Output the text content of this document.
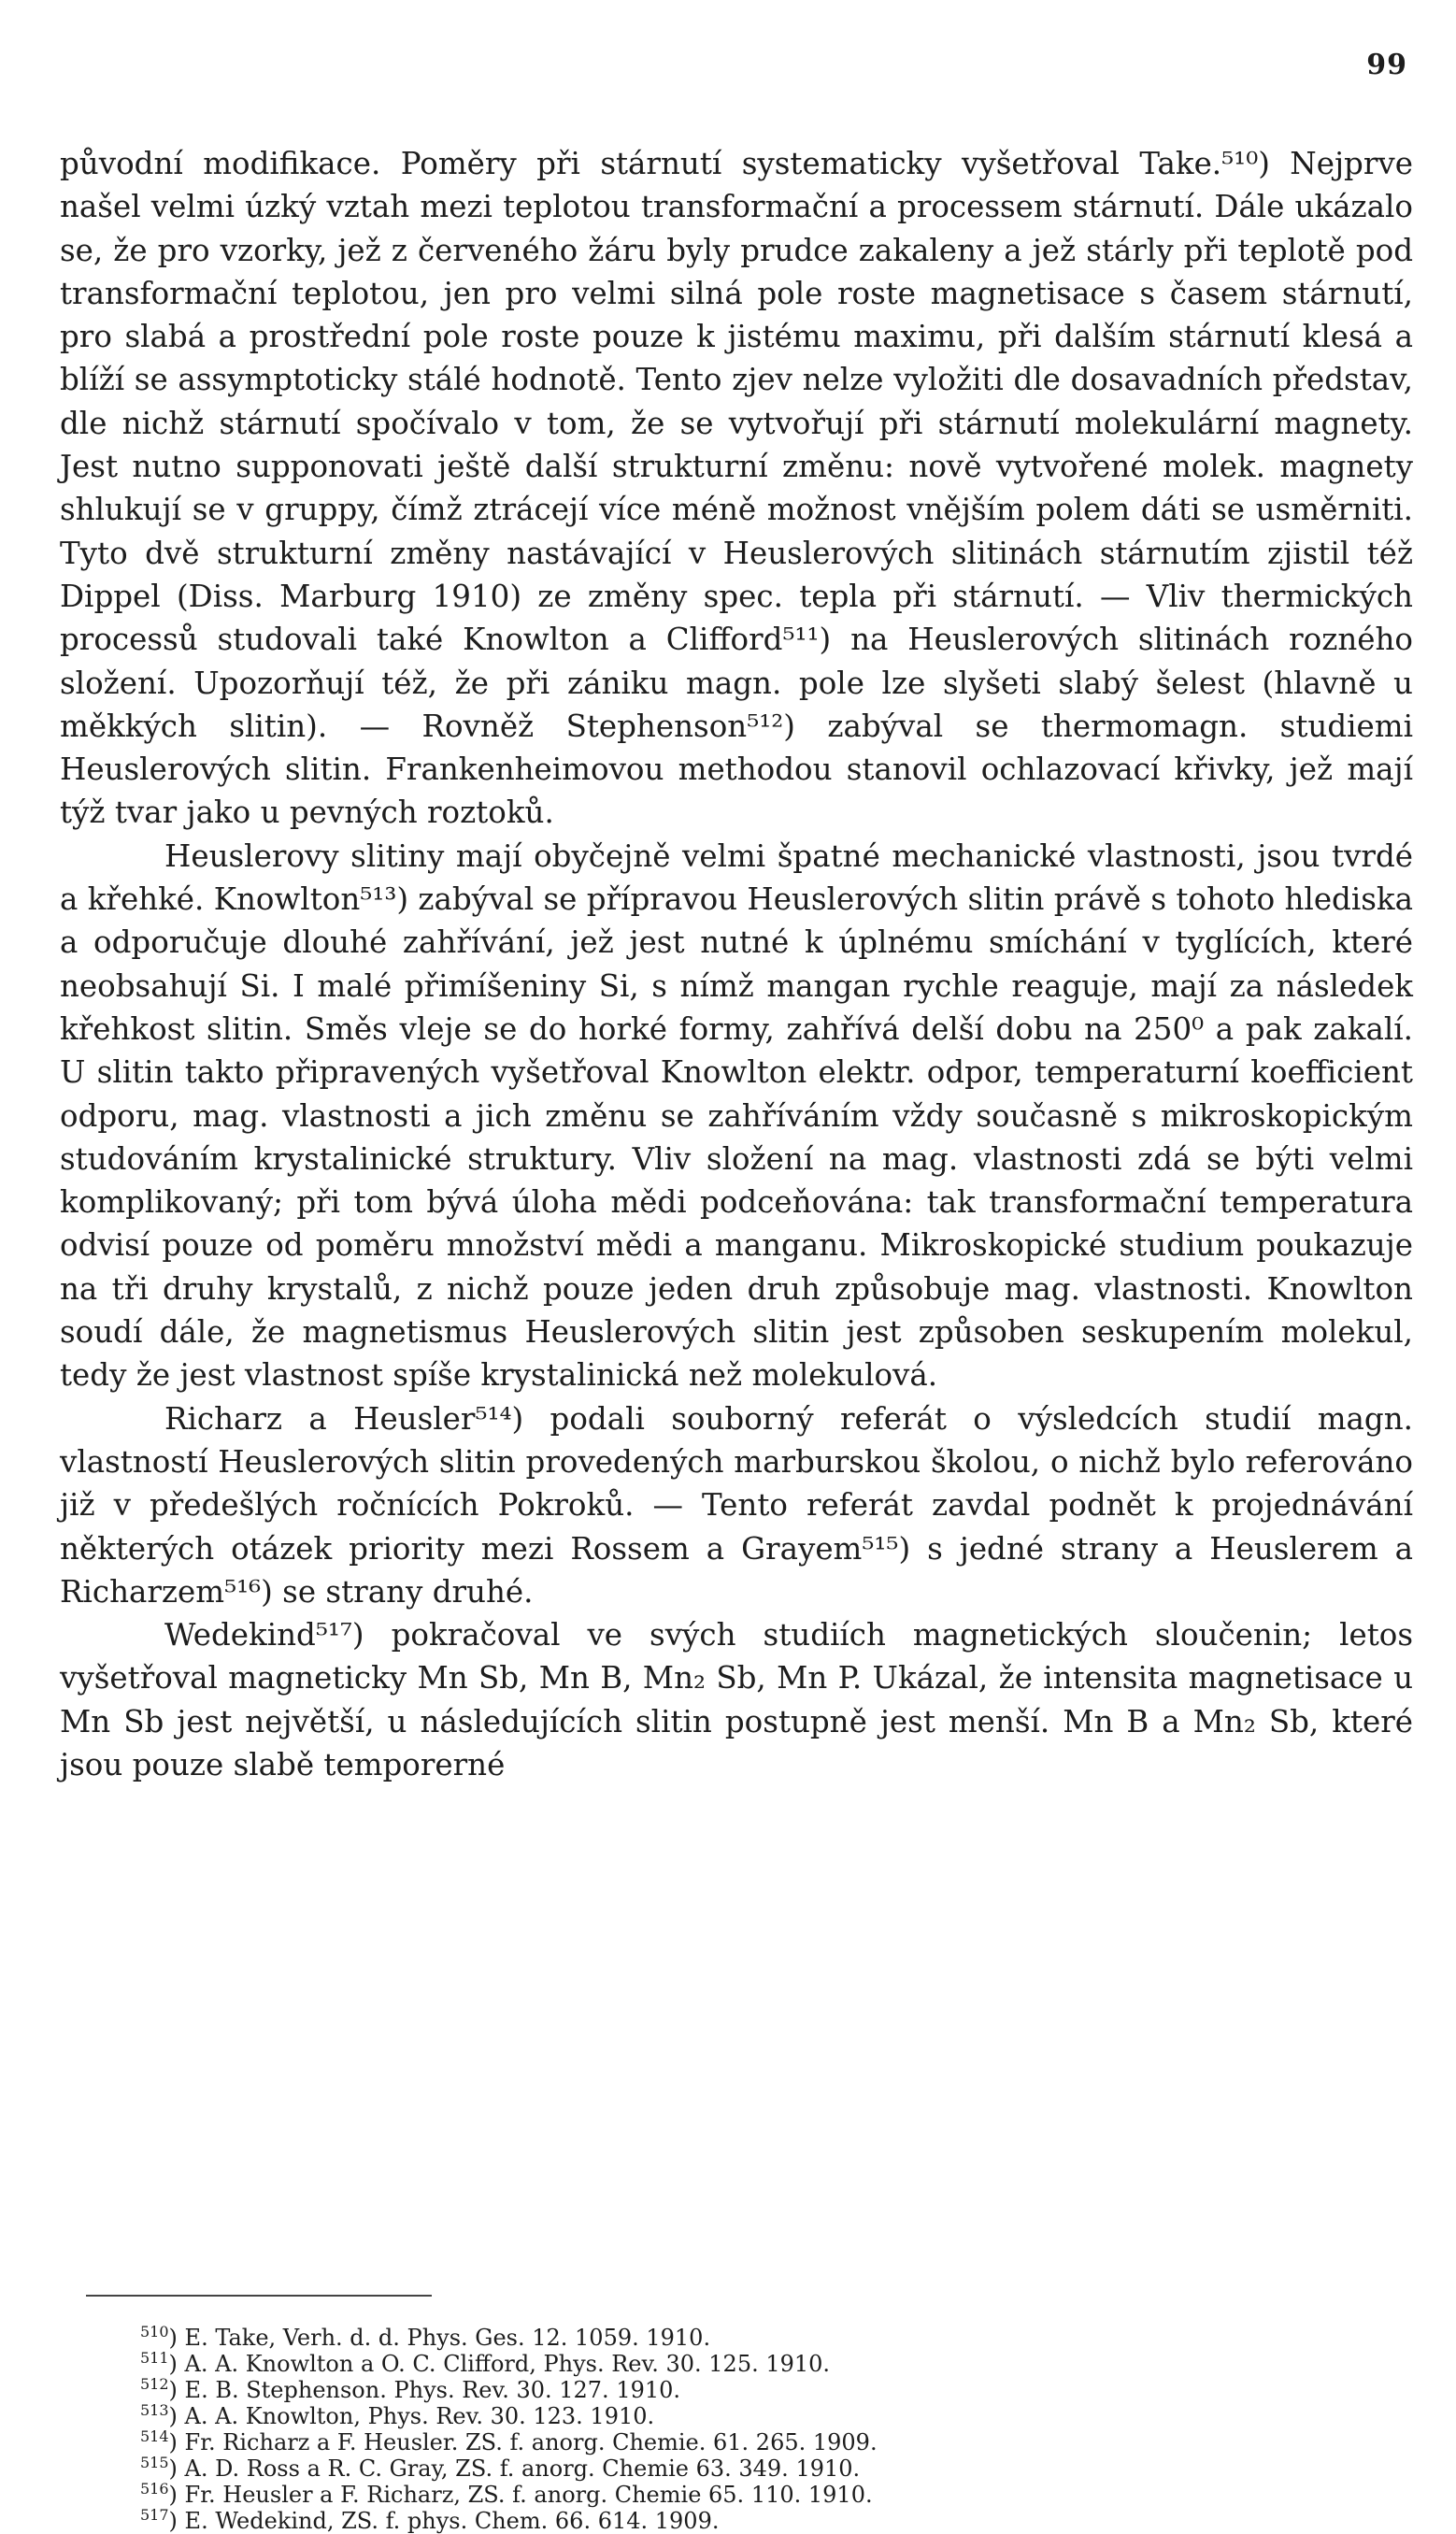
99

původní modifikace. Poměry při stárnutí systematicky vyšetřoval Take.⁵¹⁰) Nejprve našel velmi úzký vztah mezi teplotou transformační a processem stárnutí. Dále ukázalo se, že pro vzorky, jež z červeného žáru byly prudce zakaleny a jež stárly při teplotě pod transformační teplotou, jen pro velmi silná pole roste magnetisace s časem stárnutí, pro slabá a prostřední pole roste pouze k jistému maximu, při dalším stárnutí klesá a blíží se assymptoticky stálé hodnotě. Tento zjev nelze vyložiti dle dosavadních představ, dle nichž stárnutí spočívalo v tom, že se vytvořují při stárnutí molekulární magnety. Jest nutno supponovati ještě další strukturní změnu: nově vytvořené molek. magnety shlukují se v gruppy, čímž ztrácejí více méně možnost vnějším polem dáti se usměrniti. Tyto dvě strukturní změny nastávající v Heuslerových slitinách stárnutím zjistil též Dippel (Diss. Marburg 1910) ze změny spec. tepla při stárnutí. — Vliv thermických processů studovali také Knowlton a Clifford⁵¹¹) na Heuslerových slitinách rozného složení. Upozorňují též, že při zániku magn. pole lze slyšeti slabý šelest (hlavně u měkkých slitin). — Rovněž Stephenson⁵¹²) zabýval se thermomagn. studiemi Heuslerových slitin. Frankenheimovou methodou stanovil ochlazovací křivky, jež mají týž tvar jako u pevných roztoků.

Heuslerovy slitiny mají obyčejně velmi špatné mechanické vlastnosti, jsou tvrdé a křehké. Knowlton⁵¹³) zabýval se přípravou Heuslerových slitin právě s tohoto hlediska a odporučuje dlouhé zahřívání, jež jest nutné k úplnému smíchání v tyglících, které neobsahují Si. I malé přimíšeniny Si, s nímž mangan rychle reaguje, mají za následek křehkost slitin. Směs vleje se do horké formy, zahřívá delší dobu na 250⁰ a pak zakalí. U slitin takto připravených vyšetřoval Knowlton elektr. odpor, temperaturní koefficient odporu, mag. vlastnosti a jich změnu se zahříváním vždy současně s mikroskopickým studováním krystalinické struktury. Vliv složení na mag. vlastnosti zdá se býti velmi komplikovaný; při tom bývá úloha mědi podceňována: tak transformační temperatura odvisí pouze od poměru množství mědi a manganu. Mikroskopické studium poukazuje na tři druhy krystalů, z nichž pouze jeden druh způsobuje mag. vlastnosti. Knowlton soudí dále, že magnetismus Heuslerových slitin jest způsoben seskupením molekul, tedy že jest vlastnost spíše krystalinická než molekulová.

Richarz a Heusler⁵¹⁴) podali souborný referát o výsledcích studií magn. vlastností Heuslerových slitin provedených marburskou školou, o nichž bylo referováno již v předešlých ročnících Pokroků. — Tento referát zavdal podnět k projednávání některých otázek priority mezi Rossem a Grayem⁵¹⁵) s jedné strany a Heuslerem a Richarzem⁵¹⁶) se strany druhé.

Wedekind⁵¹⁷) pokračoval ve svých studiích magnetických sloučenin; letos vyšetřoval magneticky Mn Sb, Mn B, Mn₂ Sb, Mn P. Ukázal, že intensita magnetisace u Mn Sb jest největší, u následujících slitin postupně jest menší. Mn B a Mn₂ Sb, které jsou pouze slabě temporerné

$^{510}$) E. Take, Verh. d. d. Phys. Ges. 12. 1059. 1910.
$^{511}$) A. A. Knowlton a O. C. Clifford, Phys. Rev. 30. 125. 1910.
$^{512}$) E. B. Stephenson. Phys. Rev. 30. 127. 1910.
$^{513}$) A. A. Knowlton, Phys. Rev. 30. 123. 1910.
$^{514}$) Fr. Richarz a F. Heusler. ZS. f. anorg. Chemie. 61. 265. 1909.
$^{515}$) A. D. Ross a R. C. Gray, ZS. f. anorg. Chemie 63. 349. 1910.
$^{516}$) Fr. Heusler a F. Richarz, ZS. f. anorg. Chemie 65. 110. 1910.
$^{517}$) E. Wedekind, ZS. f. phys. Chem. 66. 614. 1909.
